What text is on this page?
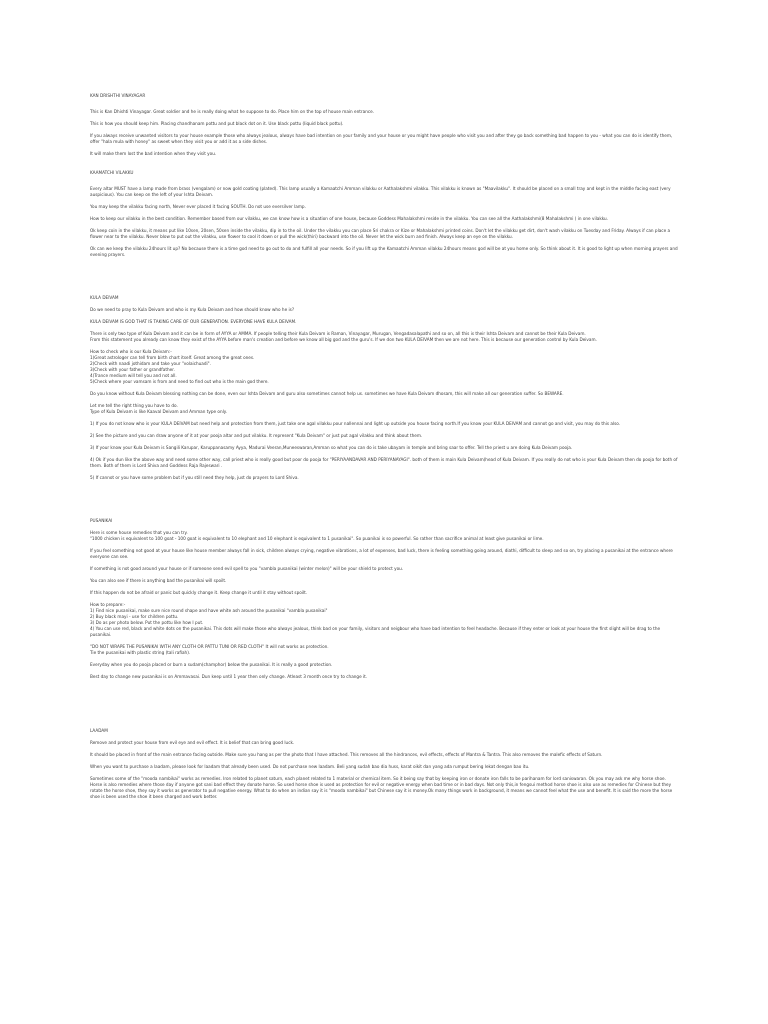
KAN DRISHTHI VINAYAGAR

This is Kan Dhishti Vinayagar. Great soldier and he is really doing what he suppose to do. Place him on the top of house main entrance.

This is how you should keep him. Placing chandhanam pottu and put black dot on it. Use black pottu (liquid black pottu).

If you always receive unwanted visitors to your house example those who always jealous, always have bad intention on your family and your house or you might have people who visit you and after they go back something bad happen to you - what you can do is identify them, offer "hala mula with honey" as sweet when they visit you or add it as a side dishes.

It will make them lost the bad intention when they visit you.

KAAMATCHI VILAKKU

Every altar MUST have a lamp made from brass (vengalam) or now gold coating (plated). This lamp usually a Kamaatchi Amman vilakku or Aathalakshmi vilakku. This vilakku is known as "Maavilakku". It should be placed on a small tray and kept in the middle facing east (very auspicious). You can keep on the left of your Ishta Deivam.

You may keep the vilakku facing north, Never ever placed it facing SOUTH. Do not use eversilver lamp.

How to keep our vilakku in the best condition. Remember based from our vilakku, we can know how is a situation of one house, because Goddess Mahalakshmi reside in the vilakku. You can see all the Aathalakshmi(8 Mahalakshmi ) in one vilakku.

Ok keep coin in the vilakku, it means put like 10sen, 20sen, 50sen inside the vilakku, dip in to the oil. Under the vilakku you can place Sri chakra or Kize or Mahalakshmi printed coins. Don't let the vilakku get dirt, don't wash vilakku on Tuesday and Friday. Always if can place a flower near to the vilakku. Never blow to put out the vilakku, use flower to cool it down or pull the wick(thiri) backward into the oil. Never let the wick burn and finish. Always keep an eye on the vilakku.

Ok can we keep the vilakku 24hours lit up? No because there is a time god need to go out to do and fulfill all your needs. So if you lift up the Kamaatchi Amman vilakku 24hours means god will be at you home only. So think about it. It is good to light up when morning prayers and evening prayers.

KULA DEIVAM

Do we need to pray to Kula Deivam and who is my Kula Deivam and how should know who he is?

KULA DEIVAM IS GOD THAT IS TAKING CARE OF OUR GENERATION. EVERYONE HAVE KULA DEIVAM.

There is only two type of Kula Deivam and it can be in form of AYYA or AMMA. If people telling their Kula Deivam is Raman, Vinayagar, Murugan, Vengadasalapathi and so on, all this is their Ishta Deivam and cannot be their Kula Deivam.

From this statement you already can know they exist of the AYYA before man's creation and before we know all big god and the guru's. If we don two KULA DEIVAM then we are not here. This is because our generation control by Kula Deivam.

How to check who is our Kula Deivam:-

1)Great astrologer can tell from birth chart itself. Great among the great ones.

2)Check with naadi jothidam and take your "volaichuadi".

3)Check with your father or grandfather.

4)Trance medium will tell you and not all.

5)Check where your vamsam is from and need to find out who is the main god there.

Do you know without Kula Deivam blessing nothing can be done, even our Ishta Deivam and guru also sometimes cannot help us. sometimes we have Kula Deivam dhosam, this will make all our generation suffer. So BEWARE.

Let me tell the right thing you have to do.

Type of Kula Deivam is like Kaaval Deivam and Amman type only.

1) If you do not know who is your KULA DEIVAM but need help and protection from them, just take one agal vilakku pour nallennai and light up outside you house facing north.If you know your KULA DEIVAM and cannot go and visit, you may do this also.

2) See the picture and you can draw anyone of it at your pooja altar and put vilakku. It represent "Kula Deivam" or just put agal vilakku and think about them.

3) If your know your Kula Deivam is Sangili Karupar, Karuppanasamy Ayya, Madurai Veeran,Muneeswaran,Amman so what you can do is take ubayam in temple and bring saar to offer. Tell the priest u are doing Kula Deivam pooja.

4) Ok if you dun like the above way and need some other way, call priest who is really good but poor do pooja for "PERIYAANDAVAR AND PERIYANAYAGI". both of them is main Kula Deivam(head of Kula Deivam. If you really do not who is your Kula Deivam then do pooja for both of them. Both of them is Lord Shiva and Goddess Raja Rajeswari .

5) If cannot or you have some problem but if you still need they help, just do prayers to Lord Shiva.

PUSANIKAI

Here is some house remedies that you can try.

"1000 chicken is equivalent to 100 goat - 100 goat is equivalent to 10 elephant and 10 elephant is equivalent to 1 pusanikai". So puanikai is so powerful. So rather than sacrifice animal at least give pusanikai or lime.

If you feel something not good at your house like house member always fall in sick, children always crying, negative vibrations, a lot of expenses, bad luck, there is feeling something going around, diathi, difficult to sleep and so on, try placing a pusanikai at the entrance where everyone can see.

If something is not good around your house or if someone send evil spell to you "vambla pusanikai (winter melon)" will be your shield to protect you.

You can also see if there is anything bad the pusanikai will spoilt.

If this happen do not be afraid or panic but quickly change it. Keep change it until it stay without spoilt.

How to prepare:-

1) Find nice pusanikai, make sure nice round shape and have white ash around the pusanikai "vambla pusanikai"

2) Buy black mayi - use for children pottu.

3) Do as per photo below. Put the pottu like how I put.

4) You can use red, black and white dots on the pusanikai. This dots will make those who always jealous, think bad on your family, visitors and neigbour who have bad intention to feel headache. Because if they enter or look at your house the first slight will be drag to the pusanikai.

"DO NOT WRAPE THE PUSANIKAI WITH ANY CLOTH OR PATTU TUNI OR RED CLOTH" It will not works as protection.

Tie the pusanikai with plastic string (tali rafiah).

Everyday when you do pooja placed or burn a sudam(champhor) below the pusanikai. It is really a good protection.

Best day to change new pusanikai is on Ammavasai. Dun keep until 1 year then only change. Atleast 3 month once try to change it.

LAADAM

Remove and protect your house from evil eye and evil effect. It is belief that can bring good luck.

It should be placed in front of the main entrance facing outside. Make sure you hang as per the photo that I have attached. This removes all the hindrances, evil effects, effects of Mantra & Tantra. This also removes the malefic effects of Saturn.

When you want to purchase a laadam, please look for laadam that already been used. Do not purchase new laadam. Beli yang sudah bao dia huss, karat oikit dan yang ada rumput bering lekat dengan bao itu.

Sometimes some of the "mooda nambikai" works as remedies. Iron related to planet saturn, each planet related to 1 material or chemical item. So it being say that by keeping iron or donate iron falls to be parihanam for lord saniswaran. Ok you may ask me why horse shoe. Horse is also remedies where those day if anyone got sani bad effect they donate horse. So used horse shoe is used as protection for evil or negative energy when bad time or in bad days. Not only this,in fengsui method horse shoe is also use as remedies for Chinese but they rotate the horse shoe, they say it works as generator to pull negative energy. What to do when an indian say it is "mooda nambikai" but Chinese say it is money.Ok many things work in background, it means we cannot feel what the use and benefit. It is said the more the horse shoe is been used the shoe it been charged and work better.
